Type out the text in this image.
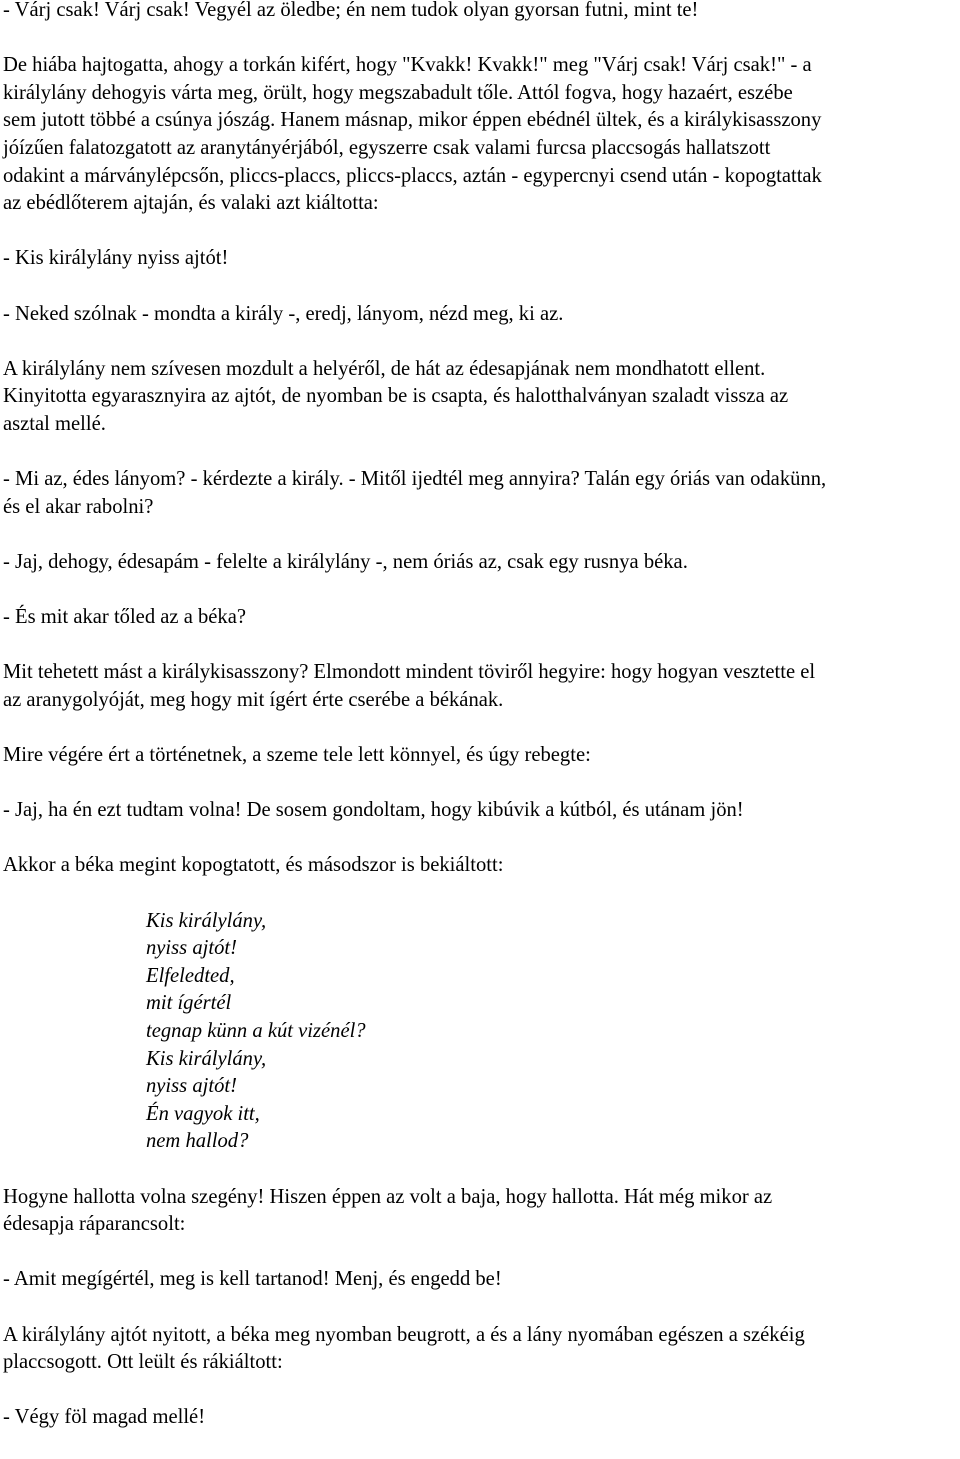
- Várj csak! Várj csak! Vegyél az öledbe; én nem tudok olyan gyorsan futni, mint te!

De hiába hajtogatta, ahogy a torkán kifért, hogy "Kvakk! Kvakk!" meg "Várj csak! Várj csak!" - a
királylány dehogyis várta meg, örült, hogy megszabadult tőle. Attól fogva, hogy hazaért, eszébe
sem jutott többé a csúnya jószág. Hanem másnap, mikor éppen ebédnél ültek, és a királykisasszony
jóízűen falatozgatott az aranytányérjából, egyszerre csak valami furcsa placcsogás hallatszott
odakint a márványlépcsőn, pliccs-placcs, pliccs-placcs, aztán - egypercnyi csend után - kopogtattak
az ebédlőterem ajtaján, és valaki azt kiáltotta:

- Kis királylány nyiss ajtót!

- Neked szólnak - mondta a király -, eredj, lányom, nézd meg, ki az.

A királylány nem szívesen mozdult a helyéről, de hát az édesapjának nem mondhatott ellent.
Kinyitotta egyarasznyira az ajtót, de nyomban be is csapta, és halotthalványan szaladt vissza az
asztal mellé.

- Mi az, édes lányom? - kérdezte a király. - Mitől ijedtél meg annyira? Talán egy óriás van odakünn,
és el akar rabolni?

- Jaj, dehogy, édesapám - felelte a királylány -, nem óriás az, csak egy rusnya béka.

- És mit akar tőled az a béka?

Mit tehetett mást a királykisasszony? Elmondott mindent töviről hegyire: hogy hogyan vesztette el
az aranygolyóját, meg hogy mit ígért érte cserébe a békának.

Mire végére ért a történetnek, a szeme tele lett könnyel, és úgy rebegte:

- Jaj, ha én ezt tudtam volna! De sosem gondoltam, hogy kibúvik a kútból, és utánam jön!

Akkor a béka megint kopogtatott, és másodszor is bekiáltott:

Kis királylány,
nyiss ajtót!
Elfeledted,
mit ígértél
tegnap künn a kút vizénél?
Kis királylány,
nyiss ajtót!
Én vagyok itt,
nem hallod?

Hogyne hallotta volna szegény! Hiszen éppen az volt a baja, hogy hallotta. Hát még mikor az
édesapja ráparancsolt:

- Amit megígértél, meg is kell tartanod! Menj, és engedd be!

A királylány ajtót nyitott, a béka meg nyomban beugrott, a és a lány nyomában egészen a székéig
placcsogott. Ott leült és rákiáltott:

- Végy föl magad mellé!
